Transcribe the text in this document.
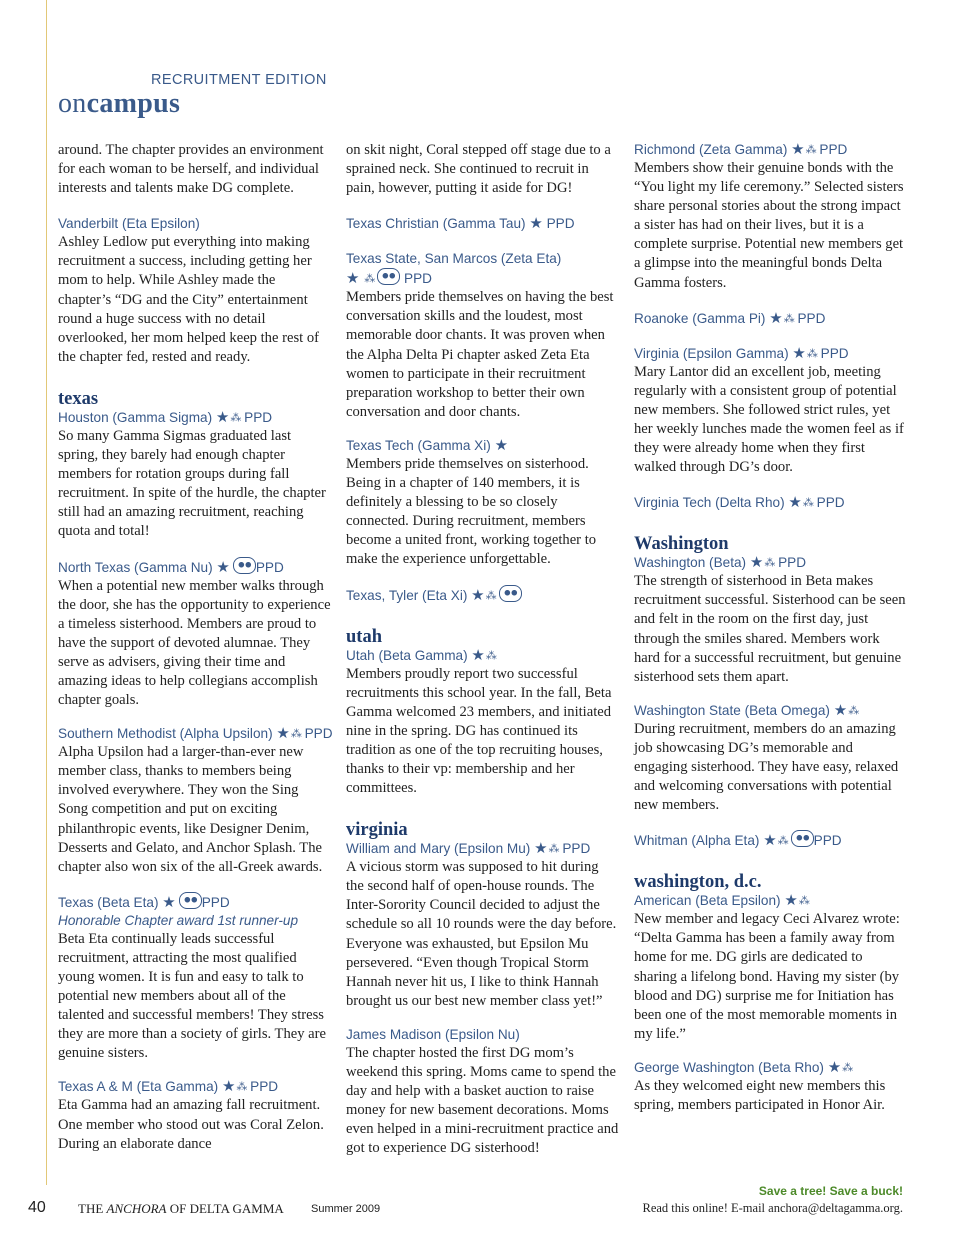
RECRUITMENT EDITION
oncampus

around. The chapter provides an environment for each woman to be herself, and individual interests and talents make DG complete.

Vanderbilt (Eta Epsilon)

Ashley Ledlow put everything into making recruitment a success, including getting her mom to help. While Ashley made the chapter’s “DG and the City” entertainment round a huge success with no detail overlooked, her mom helped keep the rest of the chapter fed, rested and ready.

texas
Houston (Gamma Sigma) ★⁂ PPD

So many Gamma Sigmas graduated last spring, they barely had enough chapter members for rotation groups during fall recruitment. In spite of the hurdle, the chapter still had an amazing recruitment, reaching quota and total!

North Texas (Gamma Nu) ★ PPD

When a potential new member walks through the door, she has the opportunity to experience a timeless sisterhood. Members are proud to have the support of devoted alumnae. They serve as advisers, giving their time and amazing ideas to help collegians accomplish chapter goals.

Southern Methodist (Alpha Upsilon) ★⁂ PPD

Alpha Upsilon had a larger-than-ever new member class, thanks to members being involved everywhere. They won the Sing Song competition and put on exciting philanthropic events, like Designer Denim, Desserts and Gelato, and Anchor Splash. The chapter also won six of the all-Greek awards.

Texas (Beta Eta) ★ PPD
Honorable Chapter award 1st runner-up

Beta Eta continually leads successful recruitment, attracting the most qualified young women. It is fun and easy to talk to potential new members about all of the talented and successful members! They stress they are more than a society of girls. They are genuine sisters.

Texas A & M (Eta Gamma) ★⁂ PPD

Eta Gamma had an amazing fall recruitment. One member who stood out was Coral Zelon. During an elaborate dance

on skit night, Coral stepped off stage due to a sprained neck. She continued to recruit in pain, however, putting it aside for DG!

Texas Christian (Gamma Tau) ★ PPD
Texas State, San Marcos (Zeta Eta)
★ ⁂ PPD

Members pride themselves on having the best conversation skills and the loudest, most memorable door chants. It was proven when the Alpha Delta Pi chapter asked Zeta Eta women to participate in their recruitment preparation workshop to better their own conversation and door chants.

Texas Tech (Gamma Xi) ★

Members pride themselves on sisterhood. Being in a chapter of 140 members, it is definitely a blessing to be so closely connected. During recruitment, members become a united front, working together to make the experience unforgettable.

Texas, Tyler (Eta Xi) ★⁂
utah
Utah (Beta Gamma) ★⁂

Members proudly report two successful recruitments this school year. In the fall, Beta Gamma welcomed 23 members, and initiated nine in the spring. DG has continued its tradition as one of the top recruiting houses, thanks to their vp: membership and her committees.

virginia
William and Mary (Epsilon Mu) ★⁂ PPD

A vicious storm was supposed to hit during the second half of open-house rounds. The Inter-Sorority Council decided to adjust the schedule so all 10 rounds were the day before. Everyone was exhausted, but Epsilon Mu persevered. “Even though Tropical Storm Hannah never hit us, I like to think Hannah brought us our best new member class yet!”

James Madison (Epsilon Nu)

The chapter hosted the first DG mom’s weekend this spring. Moms came to spend the day and help with a basket auction to raise money for new basement decorations. Moms even helped in a mini-recruitment practice and got to experience DG sisterhood!

Richmond (Zeta Gamma) ★⁂ PPD

Members show their genuine bonds with the “You light my life ceremony.” Selected sisters share personal stories about the strong impact a sister has had on their lives, but it is a complete surprise. Potential new members get a glimpse into the meaningful bonds Delta Gamma fosters.

Roanoke (Gamma Pi) ★⁂ PPD
Virginia (Epsilon Gamma) ★⁂ PPD

Mary Lantor did an excellent job, meeting regularly with a consistent group of potential new members. She followed strict rules, yet her weekly lunches made the women feel as if they were already home when they first walked through DG’s door.

Virginia Tech (Delta Rho) ★⁂ PPD
Washington
Washington (Beta) ★⁂ PPD

The strength of sisterhood in Beta makes recruitment successful. Sisterhood can be seen and felt in the room on the first day, just through the smiles shared. Members work hard for a successful recruitment, but genuine sisterhood sets them apart.

Washington State (Beta Omega) ★⁂

During recruitment, members do an amazing job showcasing DG’s memorable and engaging sisterhood. They have easy, relaxed and welcoming conversations with potential new members.

Whitman (Alpha Eta) ★⁂ PPD
washington, d.c.
American (Beta Epsilon) ★⁂

New member and legacy Ceci Alvarez wrote: “Delta Gamma has been a family away from home for me. DG girls are dedicated to sharing a lifelong bond. Having my sister (by blood and DG) surprise me for Initiation has been one of the most memorable moments in my life.”

George Washington (Beta Rho) ★⁂

As they welcomed eight new members this spring, members participated in Honor Air.

40 THE ANCHORA OF DELTA GAMMA Summer 2009
Save a tree! Save a buck!
Read this online! E-mail anchora@deltagamma.org.
